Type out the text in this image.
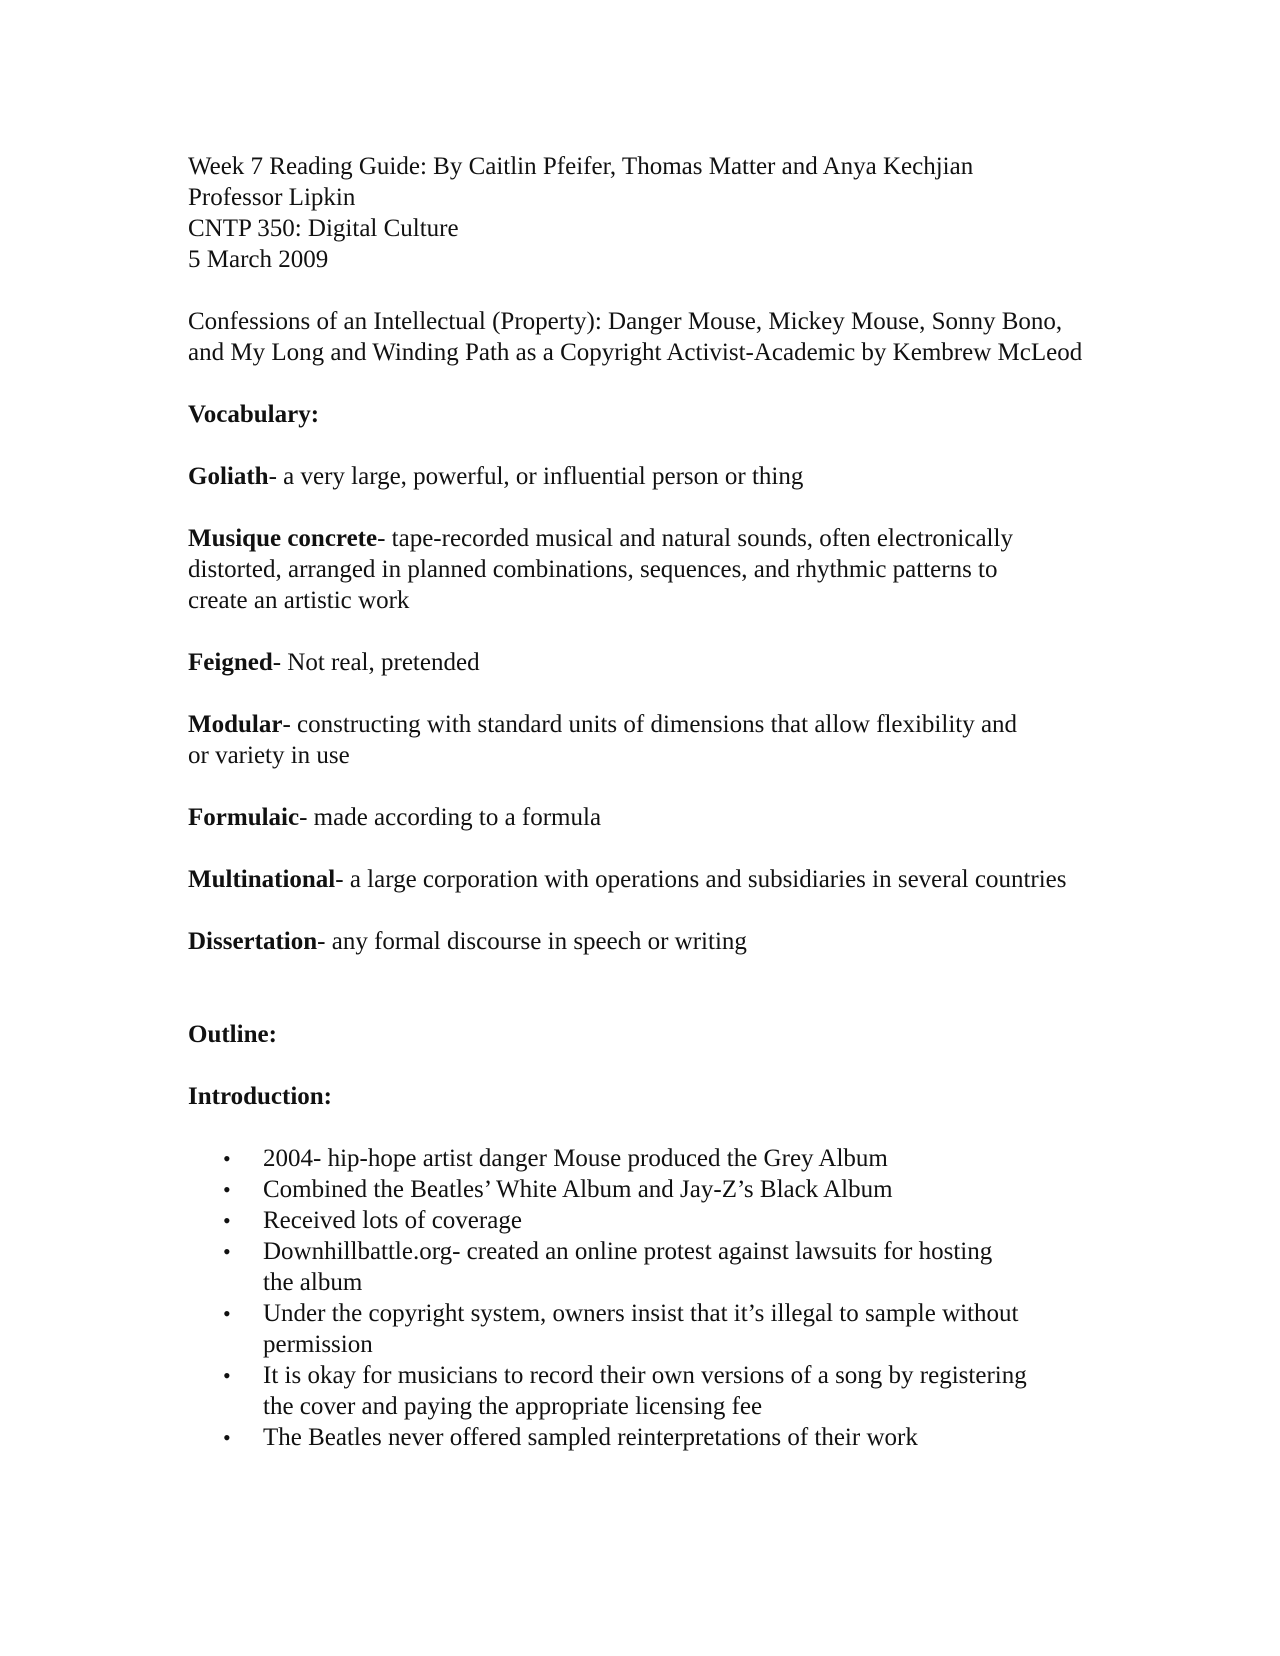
Week 7 Reading Guide: By Caitlin Pfeifer, Thomas Matter and Anya Kechjian

Professor Lipkin

CNTP 350: Digital Culture

5 March 2009

Confessions of an Intellectual (Property): Danger Mouse, Mickey Mouse, Sonny Bono,

and My Long and Winding Path as a Copyright Activist-Academic by Kembrew McLeod

Vocabulary:

Goliath- a very large, powerful, or influential person or thing

Musique concrete- tape-recorded musical and natural sounds, often electronically distorted, arranged in planned combinations, sequences, and rhythmic patterns to create an artistic work

Feigned- Not real, pretended

Modular- constructing with standard units of dimensions that allow flexibility and or variety in use

Formulaic- made according to a formula

Multinational- a large corporation with operations and subsidiaries in several countries

Dissertation- any formal discourse in speech or writing

Outline:

Introduction:

• 2004- hip-hope artist danger Mouse produced the Grey Album
• Combined the Beatles’ White Album and Jay-Z’s Black Album
• Received lots of coverage
• Downhillbattle.org- created an online protest against lawsuits for hosting the album
• Under the copyright system, owners insist that it’s illegal to sample without permission
• It is okay for musicians to record their own versions of a song by registering the cover and paying the appropriate licensing fee
• The Beatles never offered sampled reinterpretations of their work
